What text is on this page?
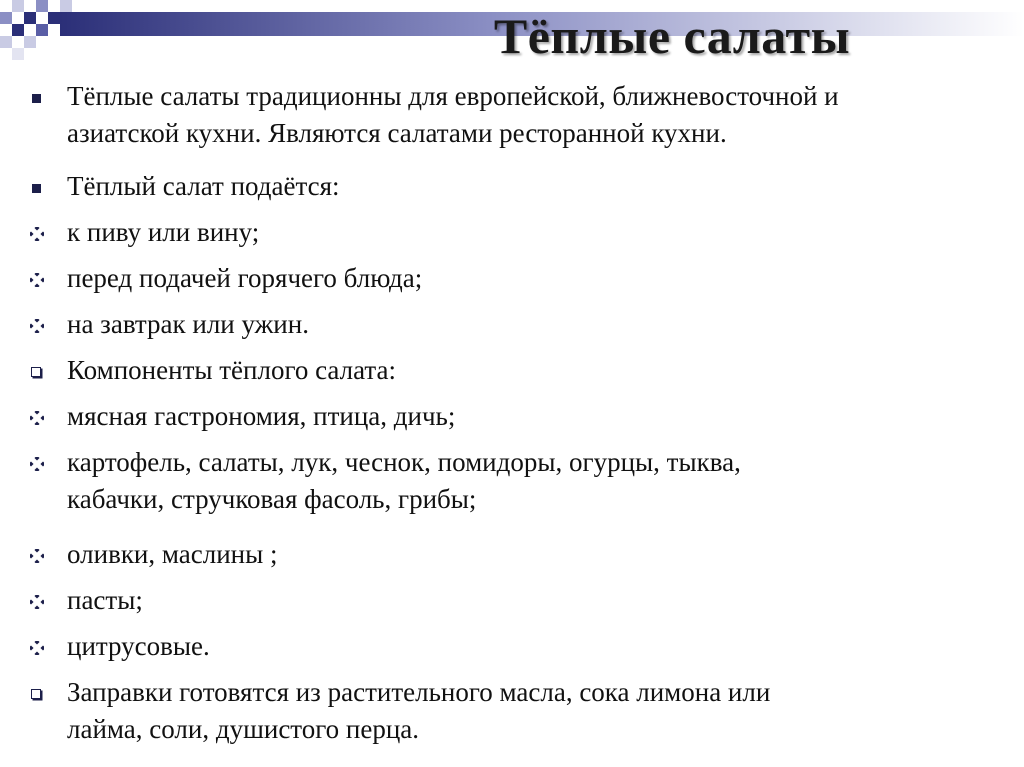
Тёплые салаты
Тёплые салаты традиционны для европейской, ближневосточной и
азиатской кухни. Являются салатами ресторанной кухни.
Тёплый салат подаётся:
к пиву или вину;
перед подачей горячего блюда;
на завтрак или ужин.
Компоненты тёплого салата:
мясная гастрономия, птица, дичь;
картофель, салаты, лук, чеснок, помидоры, огурцы, тыква,
кабачки, стручковая фасоль, грибы;
оливки, маслины ;
пасты;
цитрусовые.
Заправки готовятся из растительного масла, сока лимона или
лайма, соли, душистого перца.
